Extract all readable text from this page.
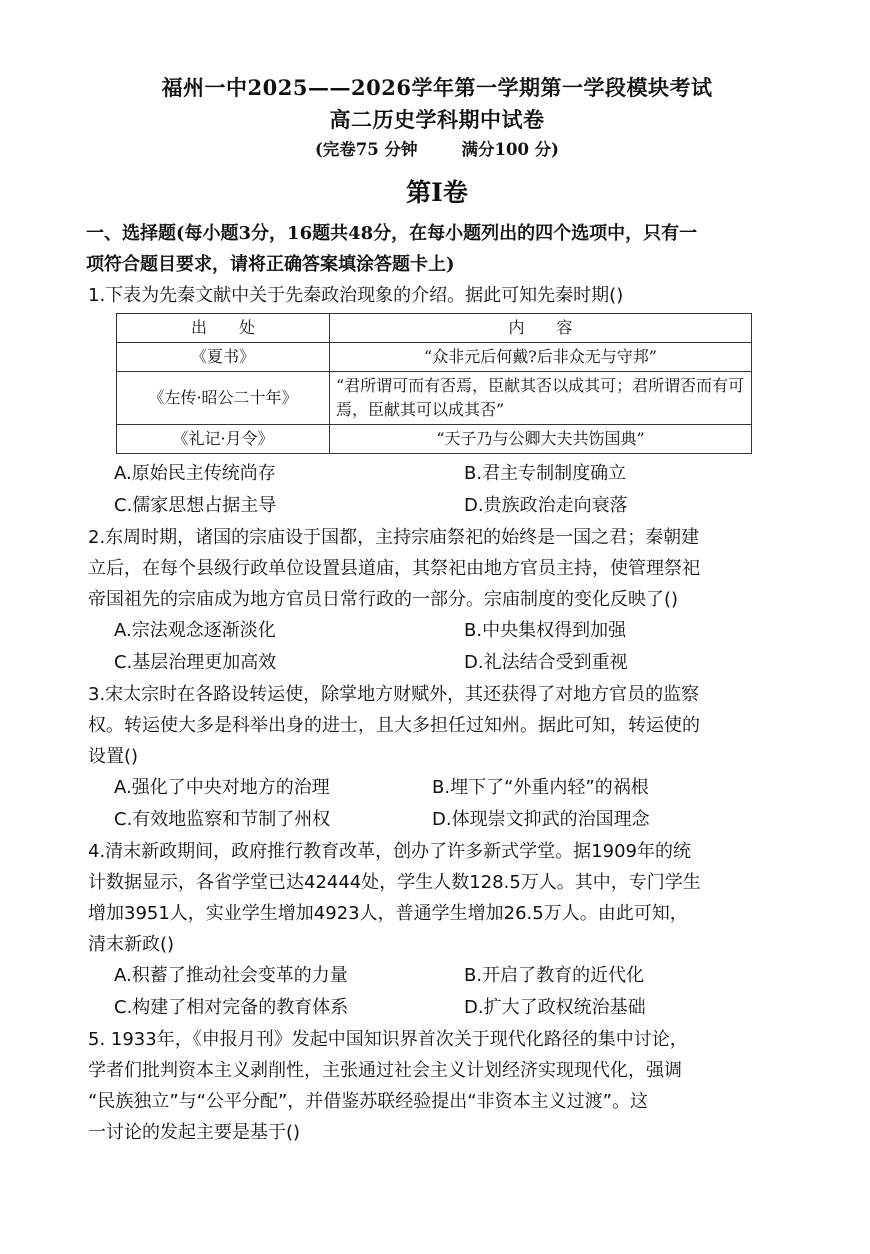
福州一中2025——2026学年第一学期第一学段模块考试
高二历史学科期中试卷
(完卷75 分钟	满分100 分)
第Ⅰ卷
一、选择题(每小题3分，16题共48分，在每小题列出的四个选项中，只有一
项符合题目要求，请将正确答案填涂答题卡上)
1.下表为先秦文献中关于先秦政治现象的介绍。据此可知先秦时期()
出　　处	内　　容
《夏书》	“众非元后何戴?后非众无与守邦”
《左传·昭公二十年》	“君所谓可而有否焉，臣献其否以成其可；君所谓否而有可焉，臣献其可以成其否”
《礼记·月令》	“天子乃与公卿大夫共饬国典”
A.原始民主传统尚存	B.君主专制制度确立
C.儒家思想占据主导	D.贵族政治走向衰落
2.东周时期，诸国的宗庙设于国都，主持宗庙祭祀的始终是一国之君；秦朝建
立后，在每个县级行政单位设置县道庙，其祭祀由地方官员主持，使管理祭祀
帝国祖先的宗庙成为地方官员日常行政的一部分。宗庙制度的变化反映了()
A.宗法观念逐渐淡化	B.中央集权得到加强
C.基层治理更加高效	D.礼法结合受到重视
3.宋太宗时在各路设转运使，除掌地方财赋外，其还获得了对地方官员的监察
权。转运使大多是科举出身的进士，且大多担任过知州。据此可知，转运使的
设置()
A.强化了中央对地方的治理	B.埋下了“外重内轻”的祸根
C.有效地监察和节制了州权	D.体现崇文抑武的治国理念
4.清末新政期间，政府推行教育改革，创办了许多新式学堂。据1909年的统
计数据显示，各省学堂已达42444处，学生人数128.5万人。其中，专门学生
增加3951人，实业学生增加4923人，普通学生增加26.5万人。由此可知，
清末新政()
A.积蓄了推动社会变革的力量	B.开启了教育的近代化
C.构建了相对完备的教育体系	D.扩大了政权统治基础
5. 1933年，《申报月刊》发起中国知识界首次关于现代化路径的集中讨论，
学者们批判资本主义剥削性，主张通过社会主义计划经济实现现代化，强调
“民族独立”与“公平分配”，并借鉴苏联经验提出“非资本主义过渡”。这
一讨论的发起主要是基于()
